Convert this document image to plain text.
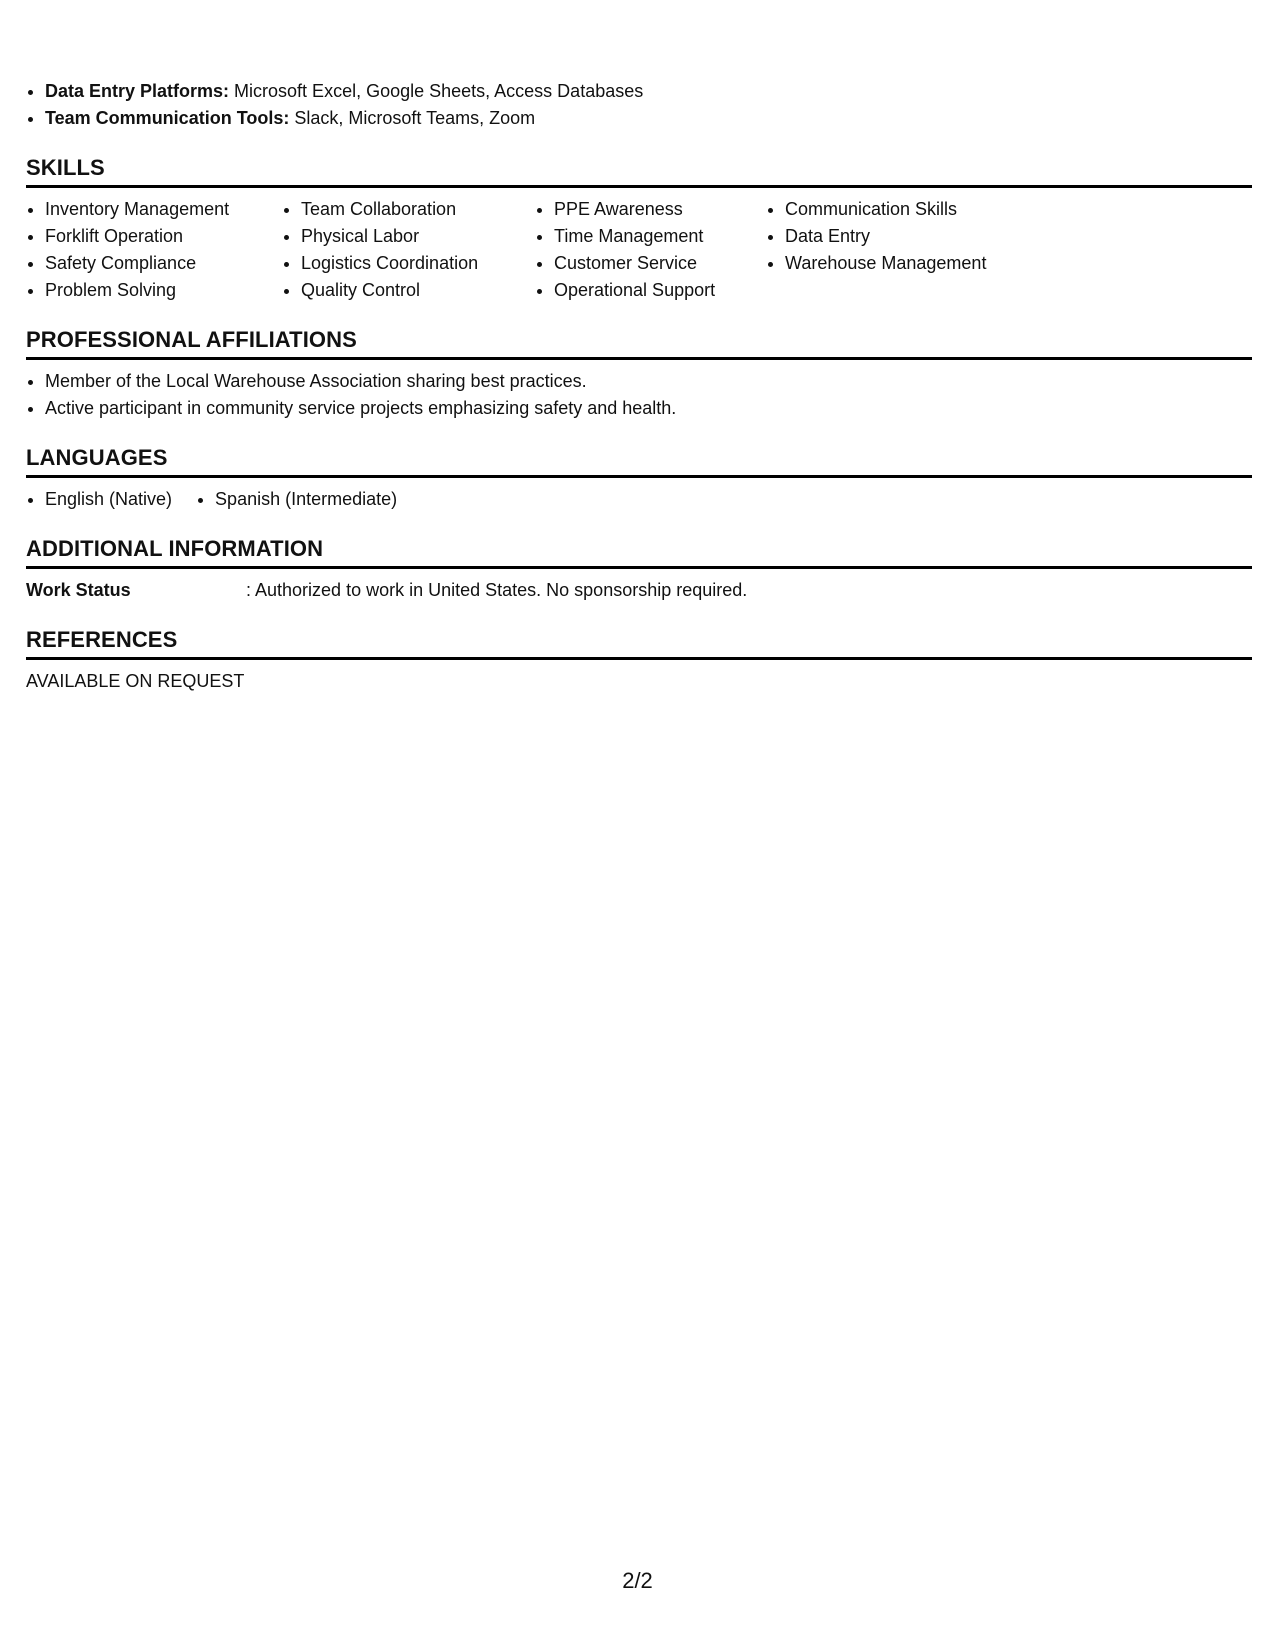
• Data Entry Platforms: Microsoft Excel, Google Sheets, Access Databases
• Team Communication Tools: Slack, Microsoft Teams, Zoom
SKILLS
• Inventory Management
• Forklift Operation
• Safety Compliance
• Problem Solving
• Team Collaboration
• Physical Labor
• Logistics Coordination
• Quality Control
• PPE Awareness
• Time Management
• Customer Service
• Operational Support
• Communication Skills
• Data Entry
• Warehouse Management
PROFESSIONAL AFFILIATIONS
• Member of the Local Warehouse Association sharing best practices.
• Active participant in community service projects emphasizing safety and health.
LANGUAGES
• English (Native)
• Spanish (Intermediate)
ADDITIONAL INFORMATION
Work Status	: Authorized to work in United States. No sponsorship required.
REFERENCES
AVAILABLE ON REQUEST
2/2
